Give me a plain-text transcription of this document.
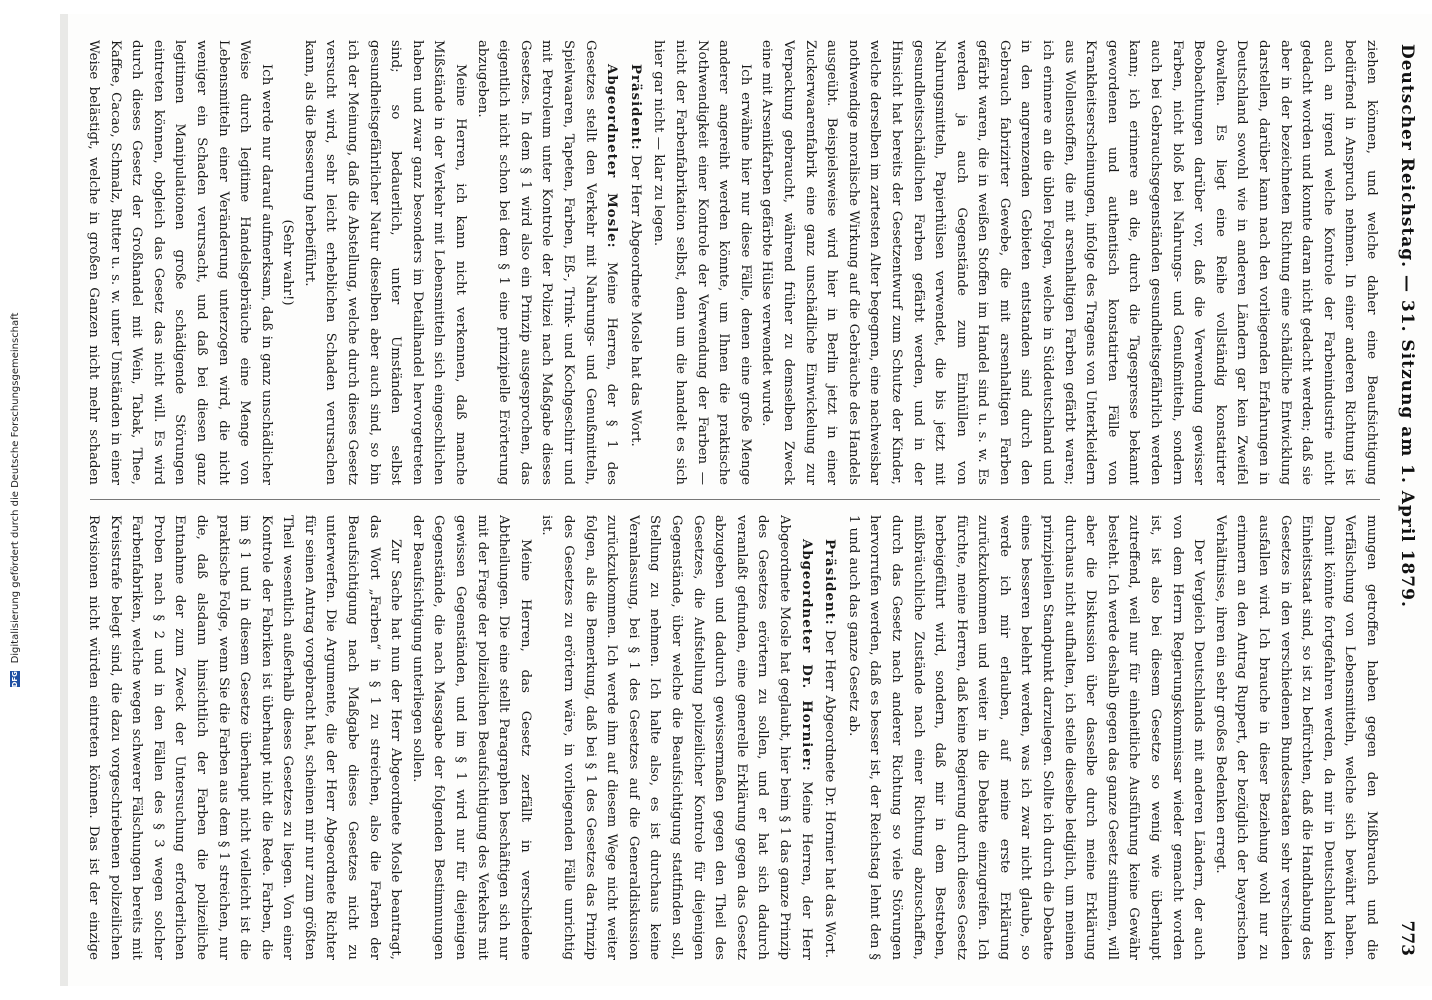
DFG
Digitalisierung gefördert durch die Deutsche Forschungsgemeinschaft	Deutscher Reichstag. — 31. Sitzung am 1. April 1879.
773

ziehen können, und welche daher eine Beaufsichtigung bedürfend in Anspruch nehmen. In einer anderen Richtung ist auch an irgend welche Kontrole der Farbenindustrie nicht gedacht worden und konnte daran nicht gedacht werden; daß sie aber in der bezeichneten Richtung eine schädliche Entwicklung darstellen, darüber kann nach den vorliegenden Erfahrungen in Deutschland sowohl wie in anderen Ländern gar kein Zweifel obwalten. Es liegt eine Reihe vollständig konstatirter Beobachtungen darüber vor, daß die Verwendung gewisser Farben, nicht bloß bei Nahrungs- und Genußmitteln, sondern auch bei Gebrauchsgegenständen gesundheitsgefährlich werden kann; ich erinnere an die, durch die Tagespresse bekannt gewordenen und authentisch konstatirten Fälle von Krankheitserscheinungen, infolge des Tragens von Unterkleidern aus Wollenstoffen, die mit arsenhaltigen Farben gefärbt waren; ich erinnere an die üblen Folgen, welche in Süddeutschland und in den angrenzenden Gebieten entstanden sind durch den Gebrauch fabrizirter Gewebe, die mit arsenhaltigen Farben gefärbt waren, die in weißen Stoffen im Handel sind u. s. w. Es werden ja auch Gegenstände zum Einhüllen von Nahrungsmitteln, Papierhülsen verwendet, die bis jetzt mit gesundheitsschädlichen Farben gefärbt werden, und in der Hinsicht hat bereits der Gesetzentwurf zum Schutze der Kinder, welche derselben im zartesten Alter begegnen, eine nachweisbar nothwendige moralische Wirkung auf die Gebräuche des Handels ausgeübt. Beispielsweise wird hier in Berlin jetzt in einer Zuckerwaarenfabrik eine ganz unschädliche Einwickelung zur Verpackung gebraucht, während früher zu demselben Zweck eine mit Arsenikfarben gefärbte Hülse verwendet wurde.

Ich erwähne hier nur diese Fälle, denen eine große Menge anderer angereiht werden könnte, um Ihnen die praktische Nothwendigkeit einer Kontrole der Verwendung der Farben — nicht der Farbenfabrikation selbst, denn um die handelt es sich hier gar nicht — klar zu legen.

Präsident: Der Herr Abgeordnete Mosle hat das Wort.

Abgeordneter Mosle: Meine Herren, der § 1 des Gesetzes stellt den Verkehr mit Nahrungs- und Genußmitteln, Spielwaaren, Tapeten, Farben, Eß-, Trink- und Kochgeschirr und mit Petroleum unter Kontrole der Polizei nach Maßgabe dieses Gesetzes. In dem § 1 wird also ein Prinzip ausgesprochen, das eigentlich nicht schon bei dem § 1 eine prinzipielle Erörterung abzugeben.

Meine Herren, ich kann nicht verkennen, daß manche Mißstände in der Verkehr mit Lebensmitteln sich eingeschlichen haben und zwar ganz besonders im Detailhandel hervorgetreten sind; so bedauerlich, unter Umständen selbst gesundheitsgefährlicher Natur dieselben aber auch sind, so bin ich der Meinung, daß die Abstellung, welche durch dieses Gesetz versucht wird, sehr leicht erheblichen Schaden verursachen kann, als die Besserung herbeiführt.

(Sehr wahr!)

Ich werde nur darauf aufmerksam, daß in ganz unschädlicher Weise durch legitime Handelsgebräuche eine Menge von Lebensmitteln einer Veränderung unterzogen wird, die nicht weniger ein Schaden verursacht, und daß bei diesen ganz legitimen Manipulationen große schädigende Störungen eintreten können, obgleich das Gesetz das nicht will. Es wird durch dieses Gesetz der Großhandel mit Wein, Tabak, Thee, Kaffee, Cacao, Schmalz, Butter u. s. w. unter Umständen in einer Weise belästigt, welche in großen Ganzen nicht mehr schaden

mungen getroffen haben gegen den Mißbrauch und die Verfälschung von Lebensmitteln, welche sich bewährt haben. Damit könnte fortgefahren werden, da mir in Deutschland kein Einheitsstaat sind, so ist zu befürchten, daß die Handhabung des Gesetzes in den verschiedenen Bundesstaaten sehr verschieden ausfallen wird. Ich brauche in dieser Beziehung wohl nur zu erinnern an den Antrag Ruppert, der bezüglich der bayerischen Verhältnisse, ihren ein sehr großes Bedenken erregt.

Der Vergleich Deutschlands mit anderen Ländern, der auch von dem Herrn Regierungskommissar wieder gemacht worden ist, ist also bei diesem Gesetze so wenig wie überhaupt zutreffend, weil nur für einheitliche Ausführung keine Gewähr besteht. Ich werde deshalb gegen das ganze Gesetz stimmen, will aber die Diskussion über dasselbe durch meine Erklärung durchaus nicht aufhalten, ich stelle dieselbe lediglich, um meinen prinzipiellen Standpunkt darzulegen. Sollte ich durch die Debatte eines besseren belehrt werden, was ich zwar nicht glaube, so werde ich mir erlauben, auf meine erste Erklärung zurückzukommen und weiter in die Debatte einzugreifen. Ich fürchte, meine Herren, daß keine Regierung durch dieses Gesetz herbeigeführt wird, sondern, daß mir in dem Bestreben, mißbräuchliche Zustände nach einer Richtung abzuschaffen, durch das Gesetz nach anderer Richtung so viele Störungen hervorrufen werden, daß es besser ist, der Reichstag lehnt den § 1 und auch das ganze Gesetz ab.

Präsident: Der Herr Abgeordnete Dr. Hornier hat das Wort.

Abgeordneter Dr. Hornier: Meine Herren, der Herr Abgeordnete Mosle hat geglaubt, hier beim § 1 das ganze Prinzip des Gesetzes erörtern zu sollen, und er hat sich dadurch veranlaßt gefunden, eine generelle Erklärung gegen das Gesetz abzugeben und dadurch gewissermaßen gegen den Theil des Gesetzes, die Aufstellung polizeilicher Kontrole für diejenigen Gegenstände, über welche die Beaufsichtigung stattfinden soll, Stellung zu nehmen. Ich halte also, es ist durchaus keine Veranlassung, bei § 1 des Gesetzes auf die Generaldiskussion zurückzukommen. Ich werde ihm auf diesem Wege nicht weiter folgen, als die Bemerkung, daß bei § 1 des Gesetzes das Prinzip des Gesetzes zu erörtern wäre, in vorliegenden Fälle unrichtig ist.

Meine Herren, das Gesetz zerfällt in verschiedene Abtheilungen. Die eine stellt Paragraphen beschäftigen sich nur mit der Frage der polizeilichen Beaufsichtigung des Verkehrs mit gewissen Gegenständen, und im § 1 wird nur für diejenigen Gegenstände, die nach Massgabe der folgenden Bestimmungen der Beaufsichtigung unterliegen sollen.

Zur Sache hat nun der Herr Abgeordnete Mosle beantragt, das Wort „Farben“ in § 1 zu streichen, also die Farben der Beaufsichtigung nach Maßgabe dieses Gesetzes nicht zu unterwerfen. Die Argumente, die der Herr Abgeordnete Richter für seinen Antrag vorgebracht hat, scheinen mir nur zum größten Theil wesentlich außerhalb dieses Gesetzes zu liegen. Von einer Kontrole der Fabriken ist überhaupt nicht die Rede. Farben, die im § 1 und in diesem Gesetze überhaupt nicht vielleicht ist die praktische Folge, wenn Sie die Farben aus dem § 1 streichen, nur die, daß alsdann hinsichtlich der Farben die polizeiliche Entnahme der zum Zweck der Untersuchung erforderlichen Proben nach § 2 und in den Fällen des § 3 wegen solcher Farbenfabriken, welche wegen schwerer Fälschungen bereits mit Kreisstrafe belegt sind, die dazu vorgeschriebenen polizeilichen Revisionen nicht würden eintreten können. Das ist der einzige
